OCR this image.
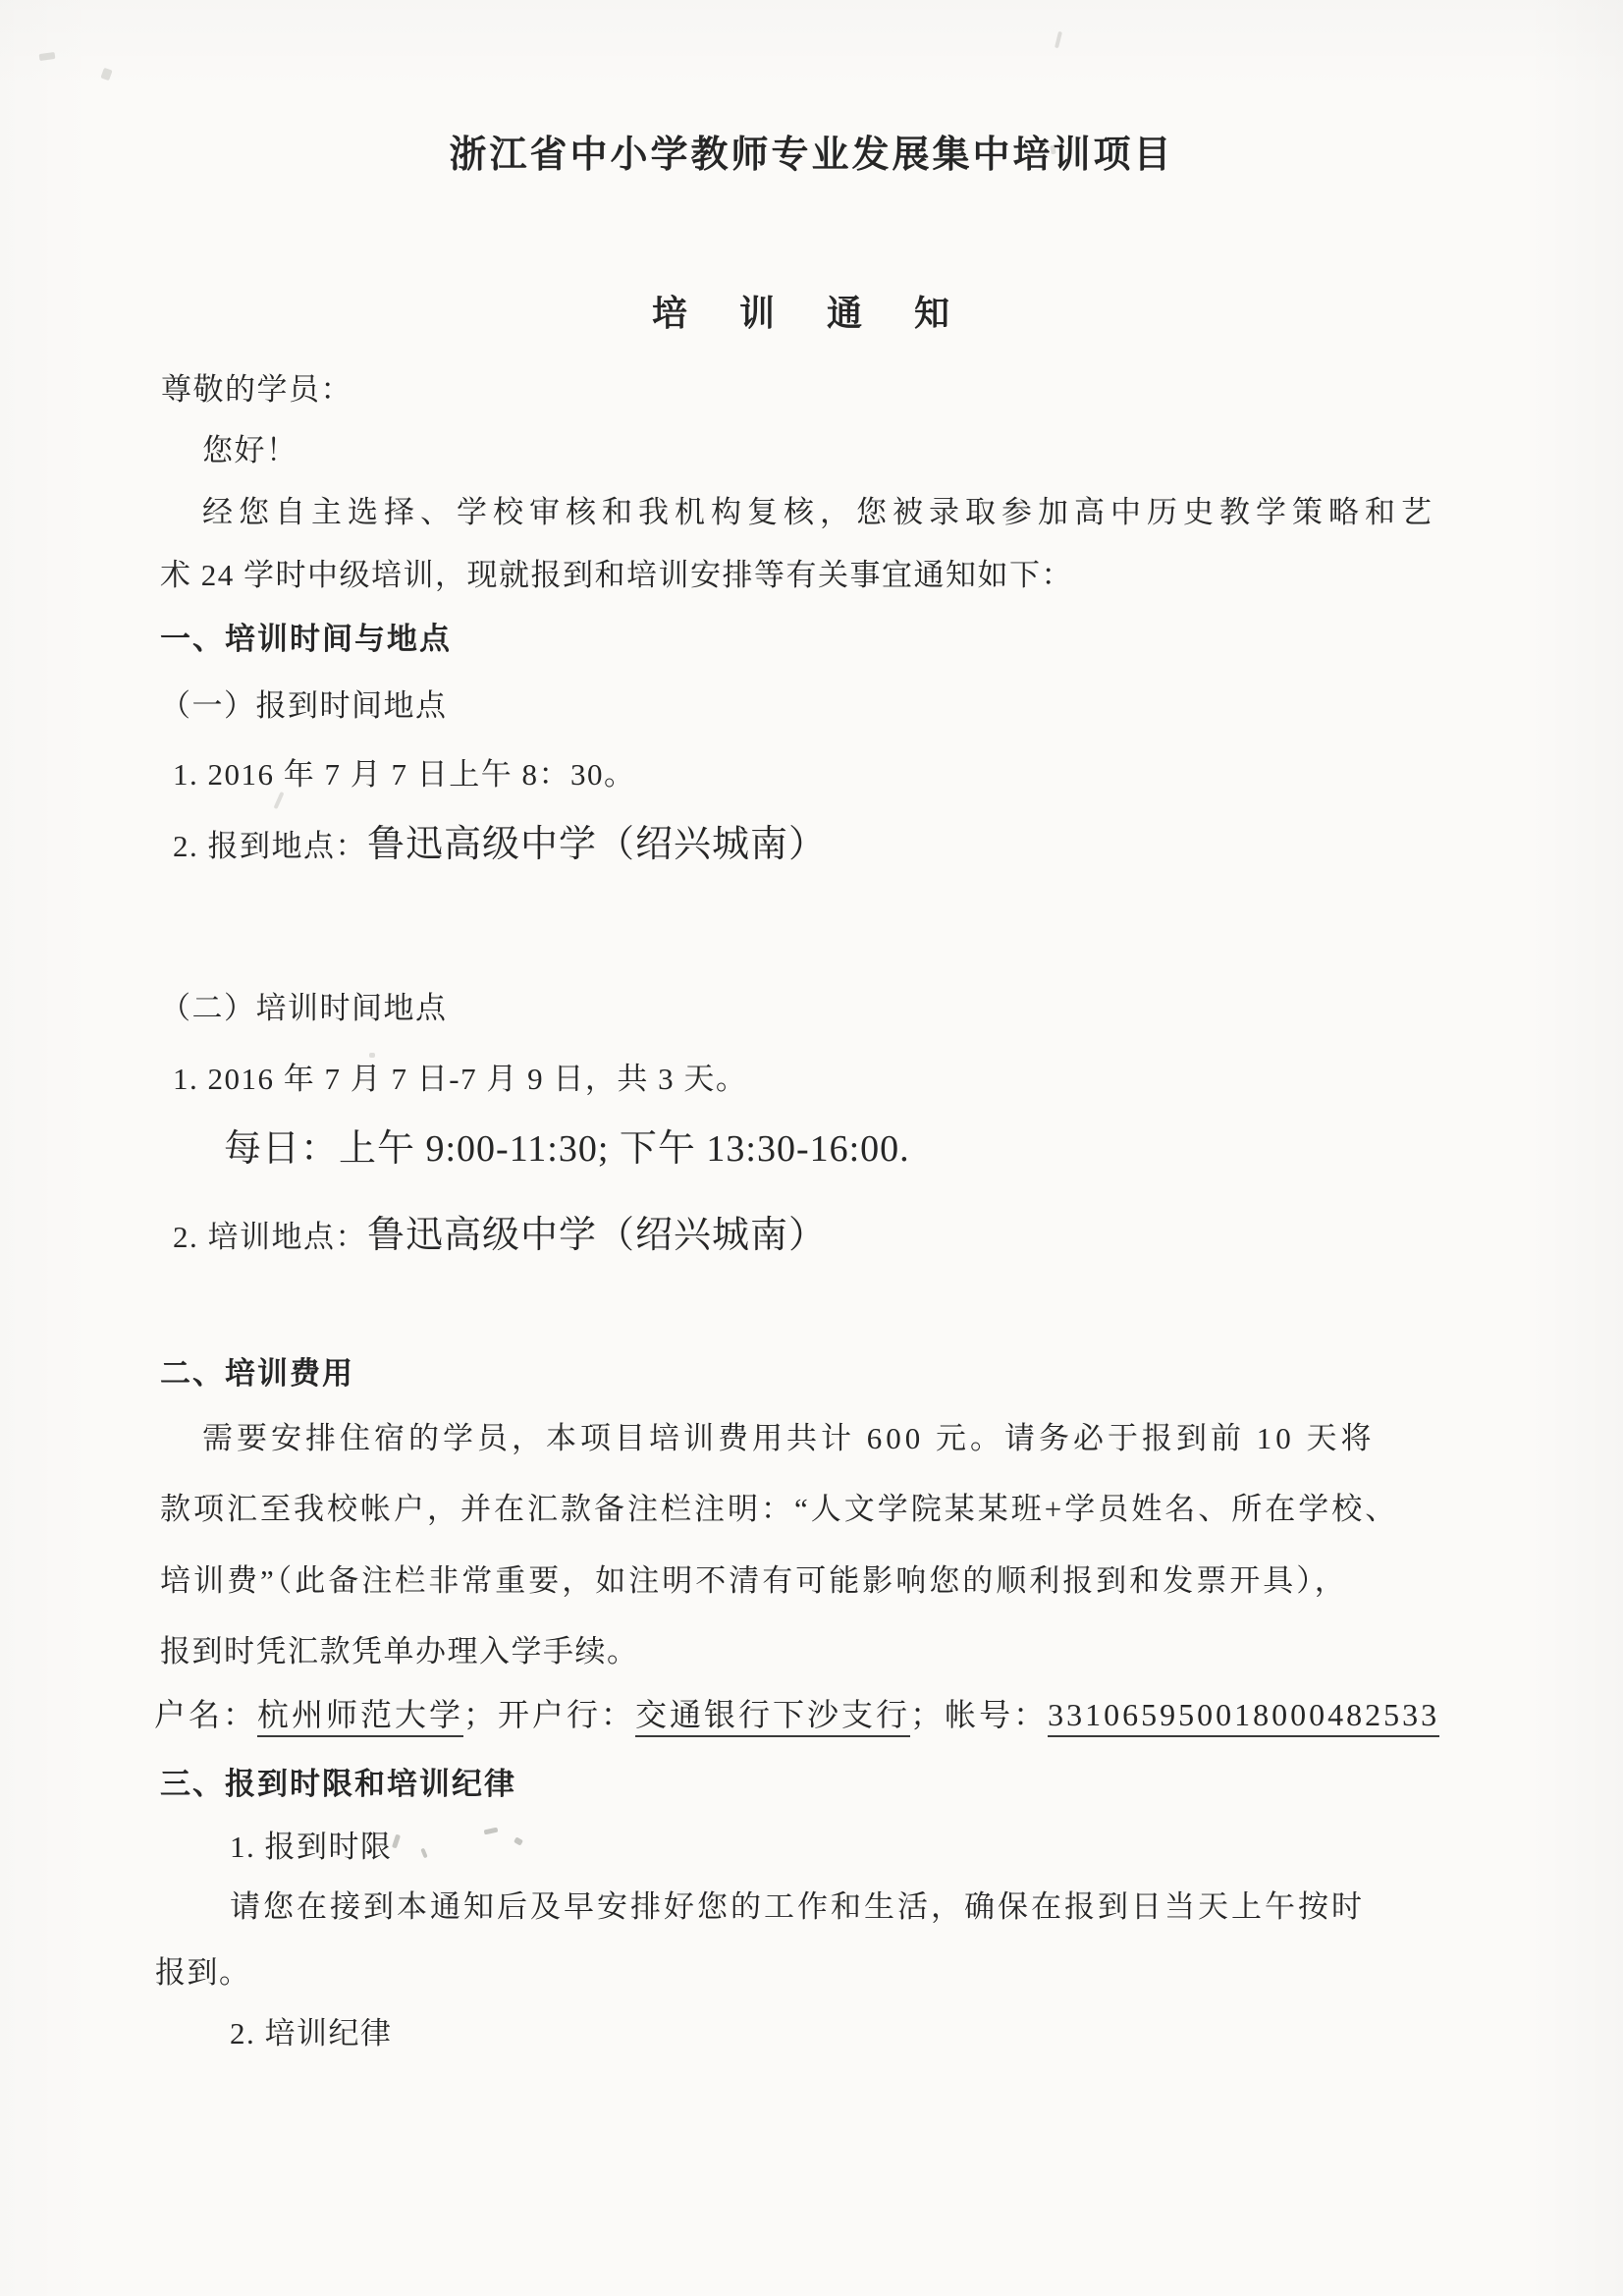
浙江省中小学教师专业发展集中培训项目
培 训 通 知
尊敬的学员：
您好！
经您自主选择、学校审核和我机构复核，您被录取参加高中历史教学策略和艺
术 24 学时中级培训，现就报到和培训安排等有关事宜通知如下：
一、培训时间与地点
（一）报到时间地点
1. 2016 年 7 月 7 日上午 8：30。
2. 报到地点：鲁迅高级中学（绍兴城南）
（二）培训时间地点
1. 2016 年 7 月 7 日-7 月 9 日，共 3 天。
每日：上午 9:00-11:30; 下午 13:30-16:00.
2. 培训地点：鲁迅高级中学（绍兴城南）
二、培训费用
需要安排住宿的学员，本项目培训费用共计 600 元。请务必于报到前 10 天将
款项汇至我校帐户，并在汇款备注栏注明：“人文学院某某班+学员姓名、所在学校、
培训费”（此备注栏非常重要，如注明不清有可能影响您的顺利报到和发票开具），
报到时凭汇款凭单办理入学手续。
户名：杭州师范大学；开户行：交通银行下沙支行；帐号：331065950018000482533
三、报到时限和培训纪律
1. 报到时限
请您在接到本通知后及早安排好您的工作和生活，确保在报到日当天上午按时
报到。
2. 培训纪律
